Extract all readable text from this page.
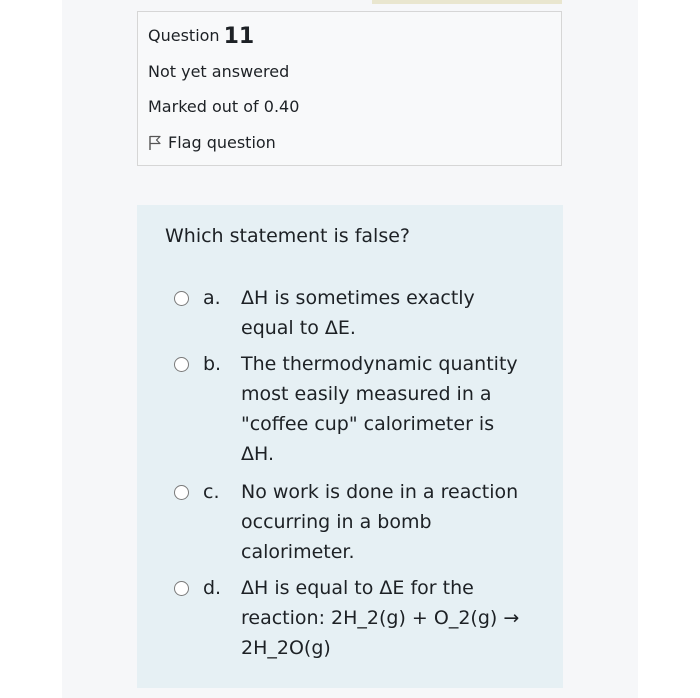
Question 11
Not yet answered
Marked out of 0.40
Flag question
Which statement is false?
a.	ΔH is sometimes exactly equal to ΔE.
b.	The thermodynamic quantity most easily measured in a "coffee cup" calorimeter is ΔH.
c.	No work is done in a reaction occurring in a bomb calorimeter.
d.	ΔH is equal to ΔE for the reaction: 2H_2(g) + O_2(g) → 2H_2O(g)
